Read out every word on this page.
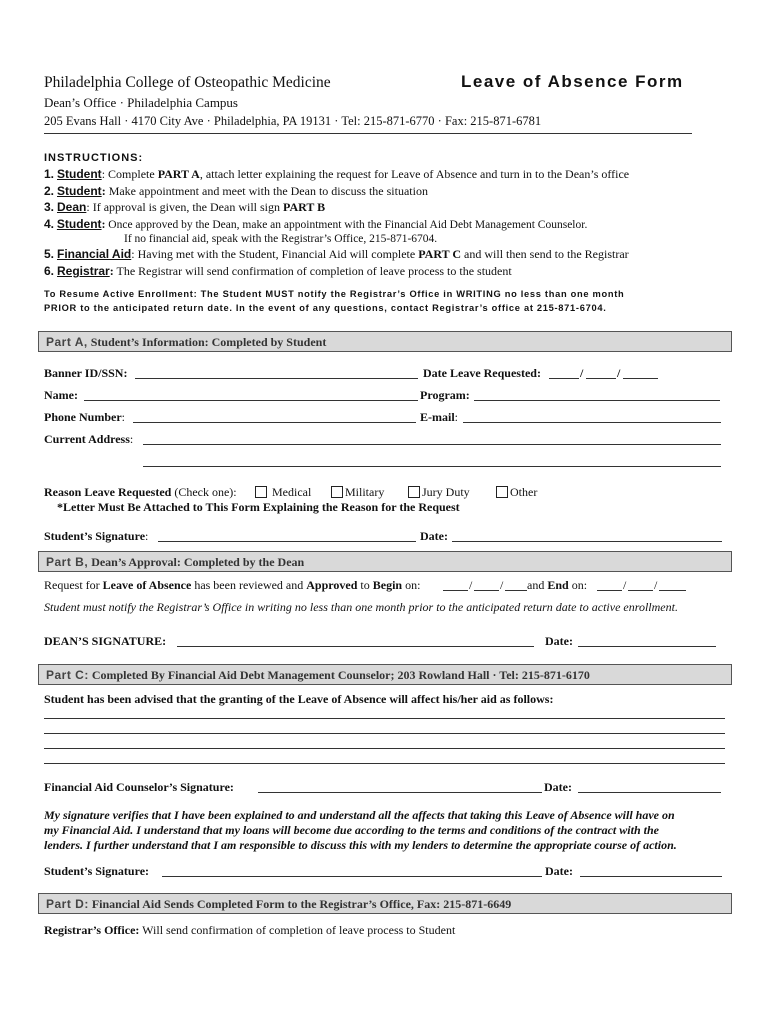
Philadelphia College of Osteopathic Medicine	Leave of Absence Form
Dean’s Office · Philadelphia Campus
205 Evans Hall · 4170 City Ave · Philadelphia, PA 19131 · Tel: 215-871-6770 · Fax: 215-871-6781
INSTRUCTIONS:
1. Student: Complete PART A, attach letter explaining the request for Leave of Absence and turn in to the Dean’s office
2. Student: Make appointment and meet with the Dean to discuss the situation
3. Dean: If approval is given, the Dean will sign PART B
4. Student: Once approved by the Dean, make an appointment with the Financial Aid Debt Management Counselor.
If no financial aid, speak with the Registrar’s Office, 215-871-6704.
5. Financial Aid: Having met with the Student, Financial Aid will complete PART C and will then send to the Registrar
6. Registrar: The Registrar will send confirmation of completion of leave process to the student
To Resume Active Enrollment: The Student MUST notify the Registrar’s Office in WRITING no less than one month
PRIOR to the anticipated return date. In the event of any questions, contact Registrar’s office at 215-871-6704.
Part A, Student’s Information: Completed by Student
Banner ID/SSN:	Date Leave Requested:	/	/
Name:	Program:
Phone Number:	E-mail:
Current Address:
Reason Leave Requested (Check one):	Medical	Military	Jury Duty	Other
*Letter Must Be Attached to This Form Explaining the Reason for the Request
Student’s Signature:	Date:
Part B, Dean’s Approval: Completed by the Dean
Request for Leave of Absence has been reviewed and Approved to Begin on:	/ / and End on:	/ /
Student must notify the Registrar’s Office in writing no less than one month prior to the anticipated return date to active enrollment.
DEAN’S SIGNATURE:	Date:
Part C: Completed By Financial Aid Debt Management Counselor; 203 Rowland Hall · Tel: 215-871-6170
Student has been advised that the granting of the Leave of Absence will affect his/her aid as follows:
Financial Aid Counselor’s Signature:	Date:
My signature verifies that I have been explained to and understand all the affects that taking this Leave of Absence will have on
my Financial Aid. I understand that my loans will become due according to the terms and conditions of the contract with the
lenders. I further understand that I am responsible to discuss this with my lenders to determine the appropriate course of action.
Student’s Signature:	Date:
Part D: Financial Aid Sends Completed Form to the Registrar’s Office, Fax: 215-871-6649
Registrar’s Office: Will send confirmation of completion of leave process to Student
